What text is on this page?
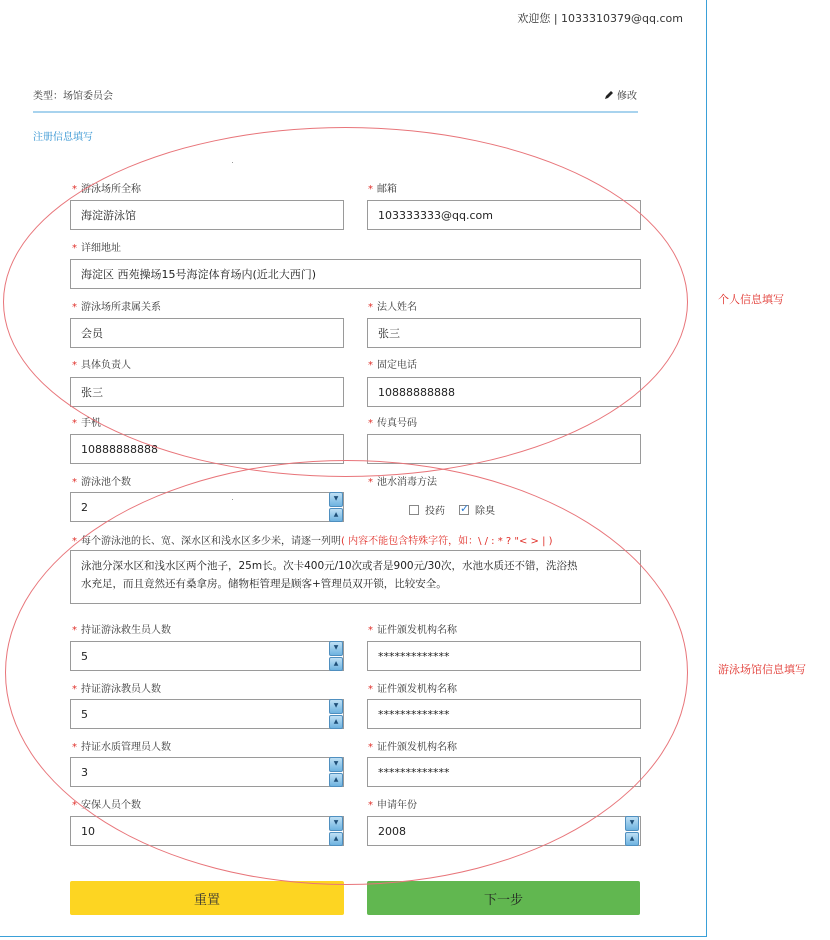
欢迎您 | 1033310379@qq.com
类型：场馆委员会	修改
注册信息填写
* 游泳场所全称
海淀游泳馆
* 邮箱
103333333@qq.com
* 详细地址
海淀区 西苑操场15号海淀体育场内(近北大西门)
* 游泳场所隶属关系
会员
* 法人姓名
张三
* 具体负责人
张三
* 固定电话
10888888888
* 手机
10888888888
* 传真号码
* 游泳池个数
2
▼
▲
* 池水消毒方法
投药
✓	除臭
* 每个游泳池的长、宽、深水区和浅水区多少米，请逐一列明( 内容不能包含特殊字符，如：\ / : * ? "< > | )
泳池分深水区和浅水区两个池子，25m长。次卡400元/10次或者是900元/30次，水池水质还不错，洗浴热
水充足，而且竟然还有桑拿房。储物柜管理是顾客+管理员双开锁，比较安全。
* 持证游泳救生员人数
5
▼
▲
* 证件颁发机构名称
*************
* 持证游泳教员人数
5
▼
▲
* 证件颁发机构名称
*************
* 持证水质管理员人数
3
▼
▲
* 证件颁发机构名称
*************
* 安保人员个数
10
▼
▲
* 申请年份
2008
▼
▲
重置	下一步
个人信息填写
游泳场馆信息填写
